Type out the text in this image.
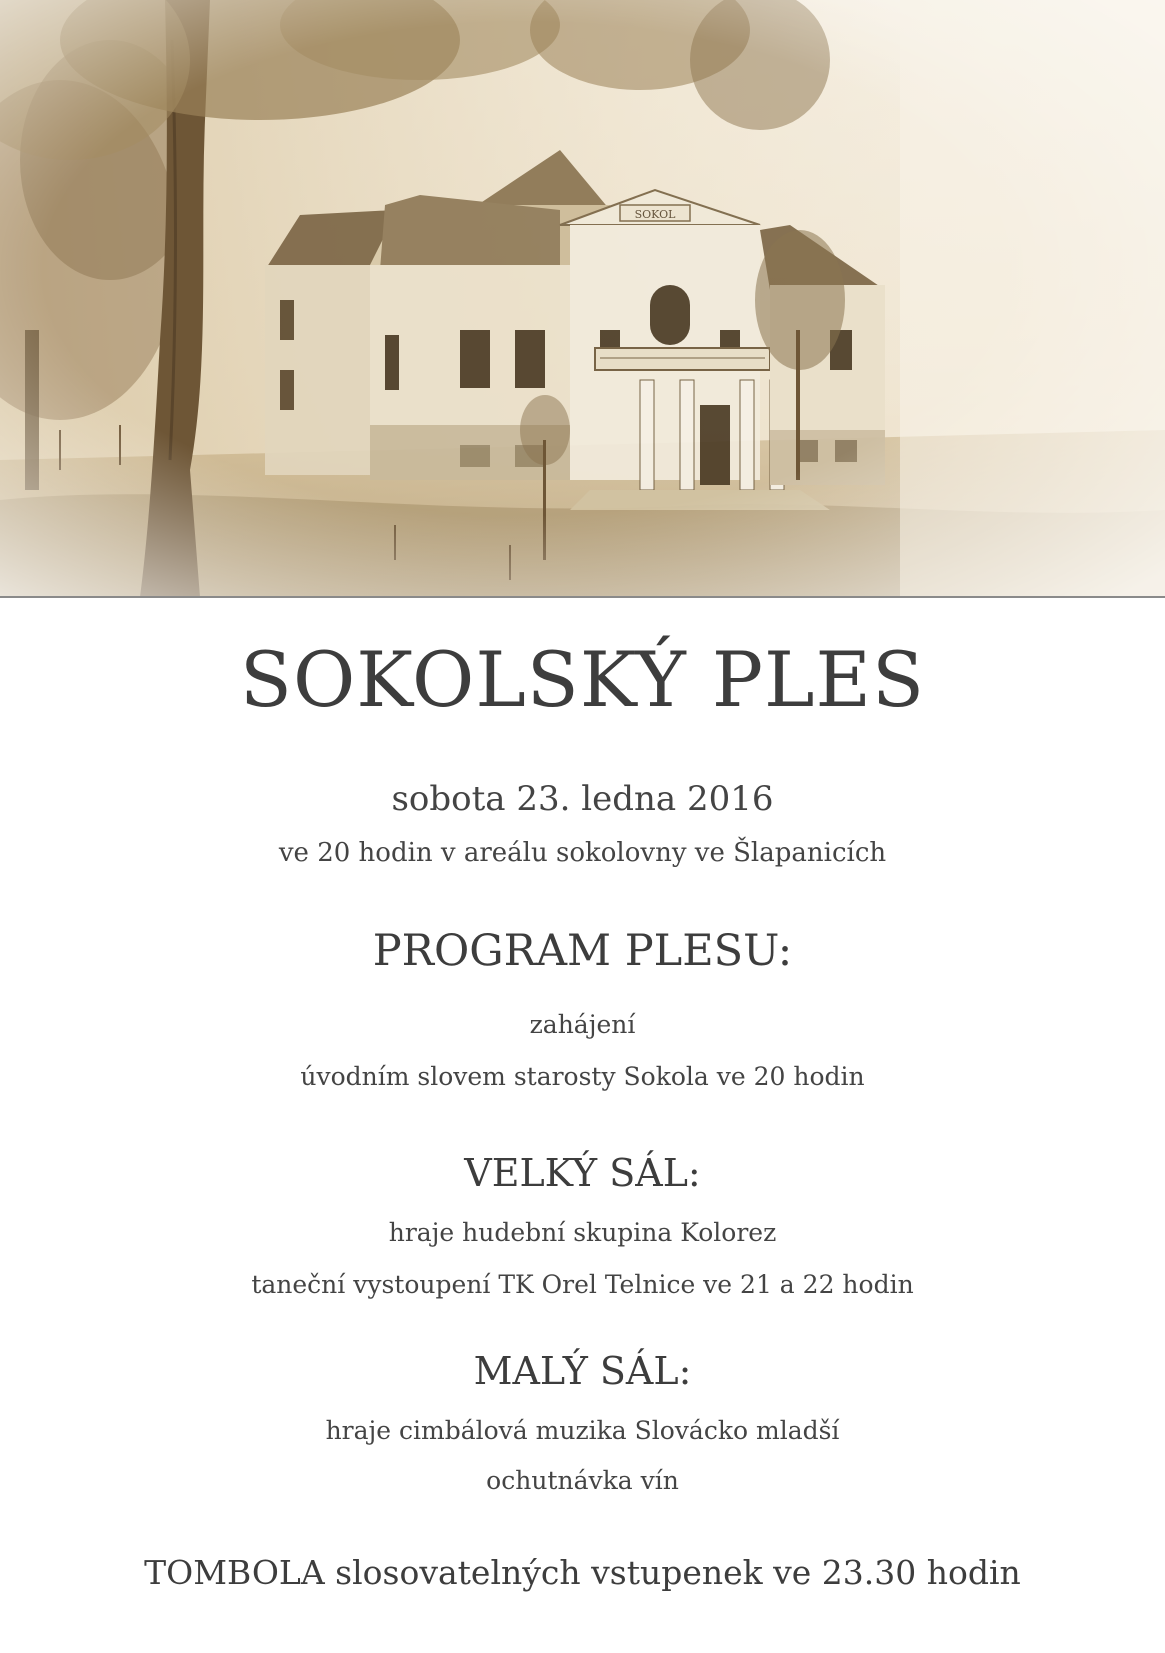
SOKOLSKÝ PLES
sobota 23. ledna 2016
ve 20 hodin v areálu sokolovny ve Šlapanicích
PROGRAM PLESU:
zahájení
úvodním slovem starosty Sokola ve 20 hodin
VELKÝ SÁL:
hraje hudební skupina Kolorez
taneční vystoupení TK Orel Telnice ve 21 a 22 hodin
MALÝ SÁL:
hraje cimbálová muzika Slovácko mladší
ochutnávka vín
TOMBOLA slosovatelných vstupenek ve 23.30 hodin
